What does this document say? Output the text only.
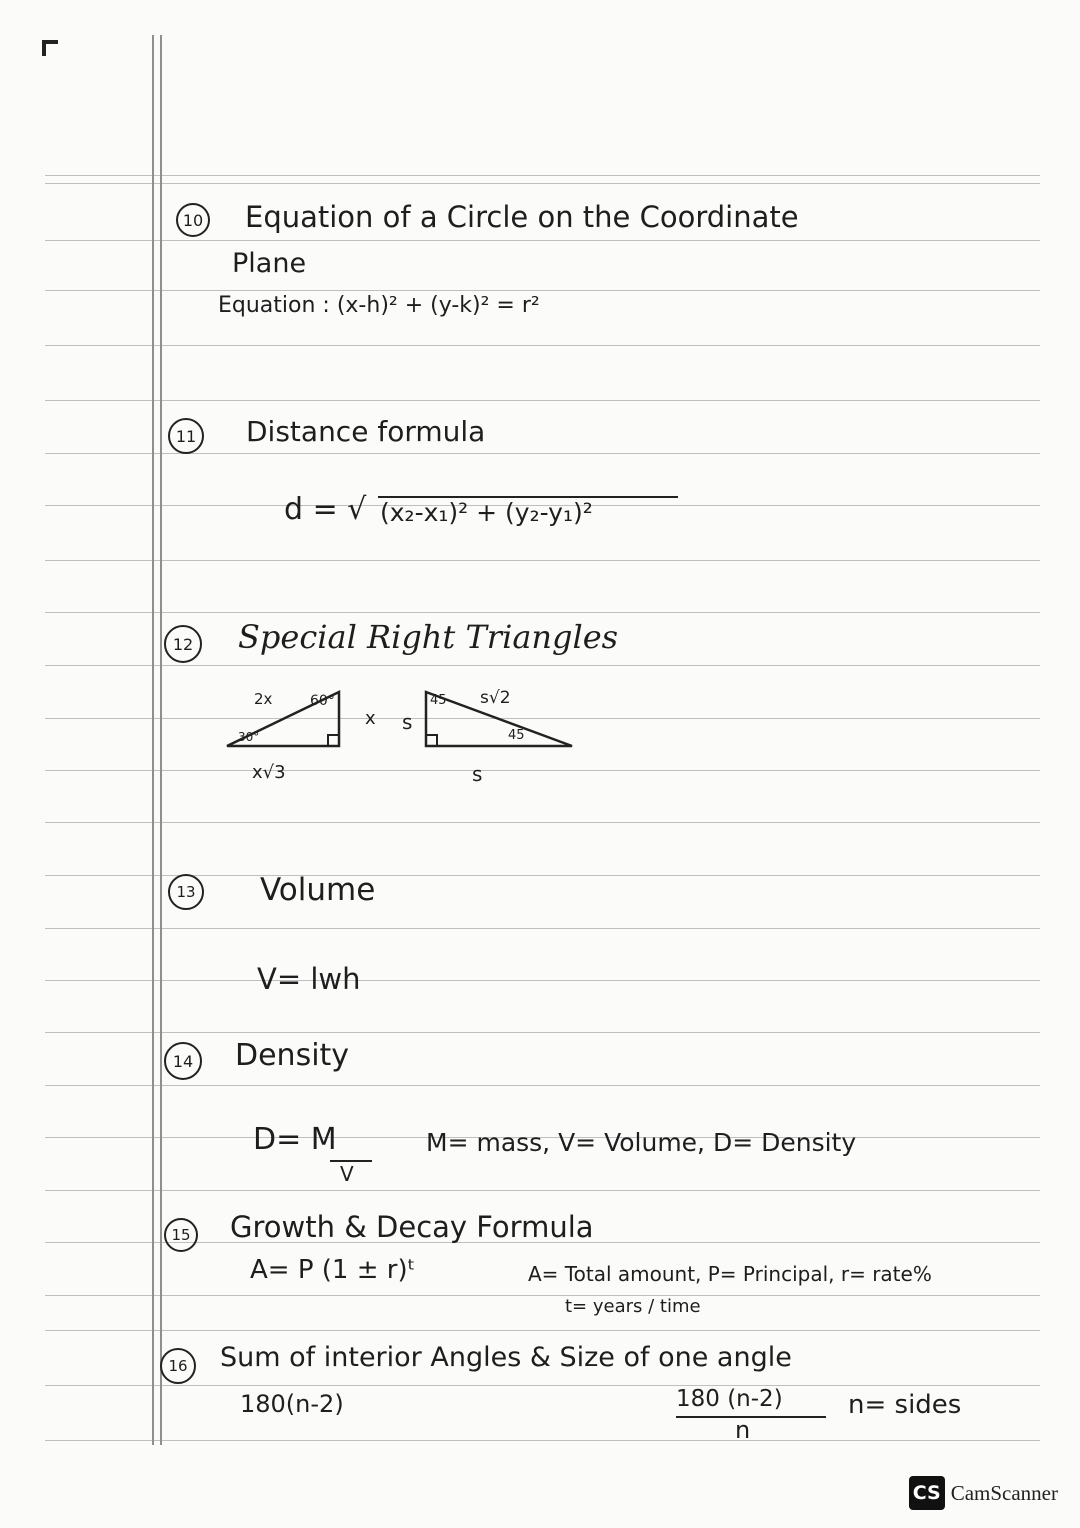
10 Equation of a Circle on the Coordinate
Plane
Equation : (x-h)² + (y-k)² = r²
11 Distance formula
d = √ (x₂-x₁)² + (y₂-y₁)²
12 Special Right Triangles
2x	60°
x
30°
x√3
45 s√2
s
45
s
13 Volume
V= lwh
14 Density
D= M
V
M= mass, V= Volume, D= Density
15 Growth & Decay Formula
A= P (1 ± r)ᵗ	A= Total amount, P= Principal, r= rate%
t= years / time
16	Sum of interior Angles & Size of one angle
180(n-2)	180 (n-2)
n
n= sides
CS CamScanner
